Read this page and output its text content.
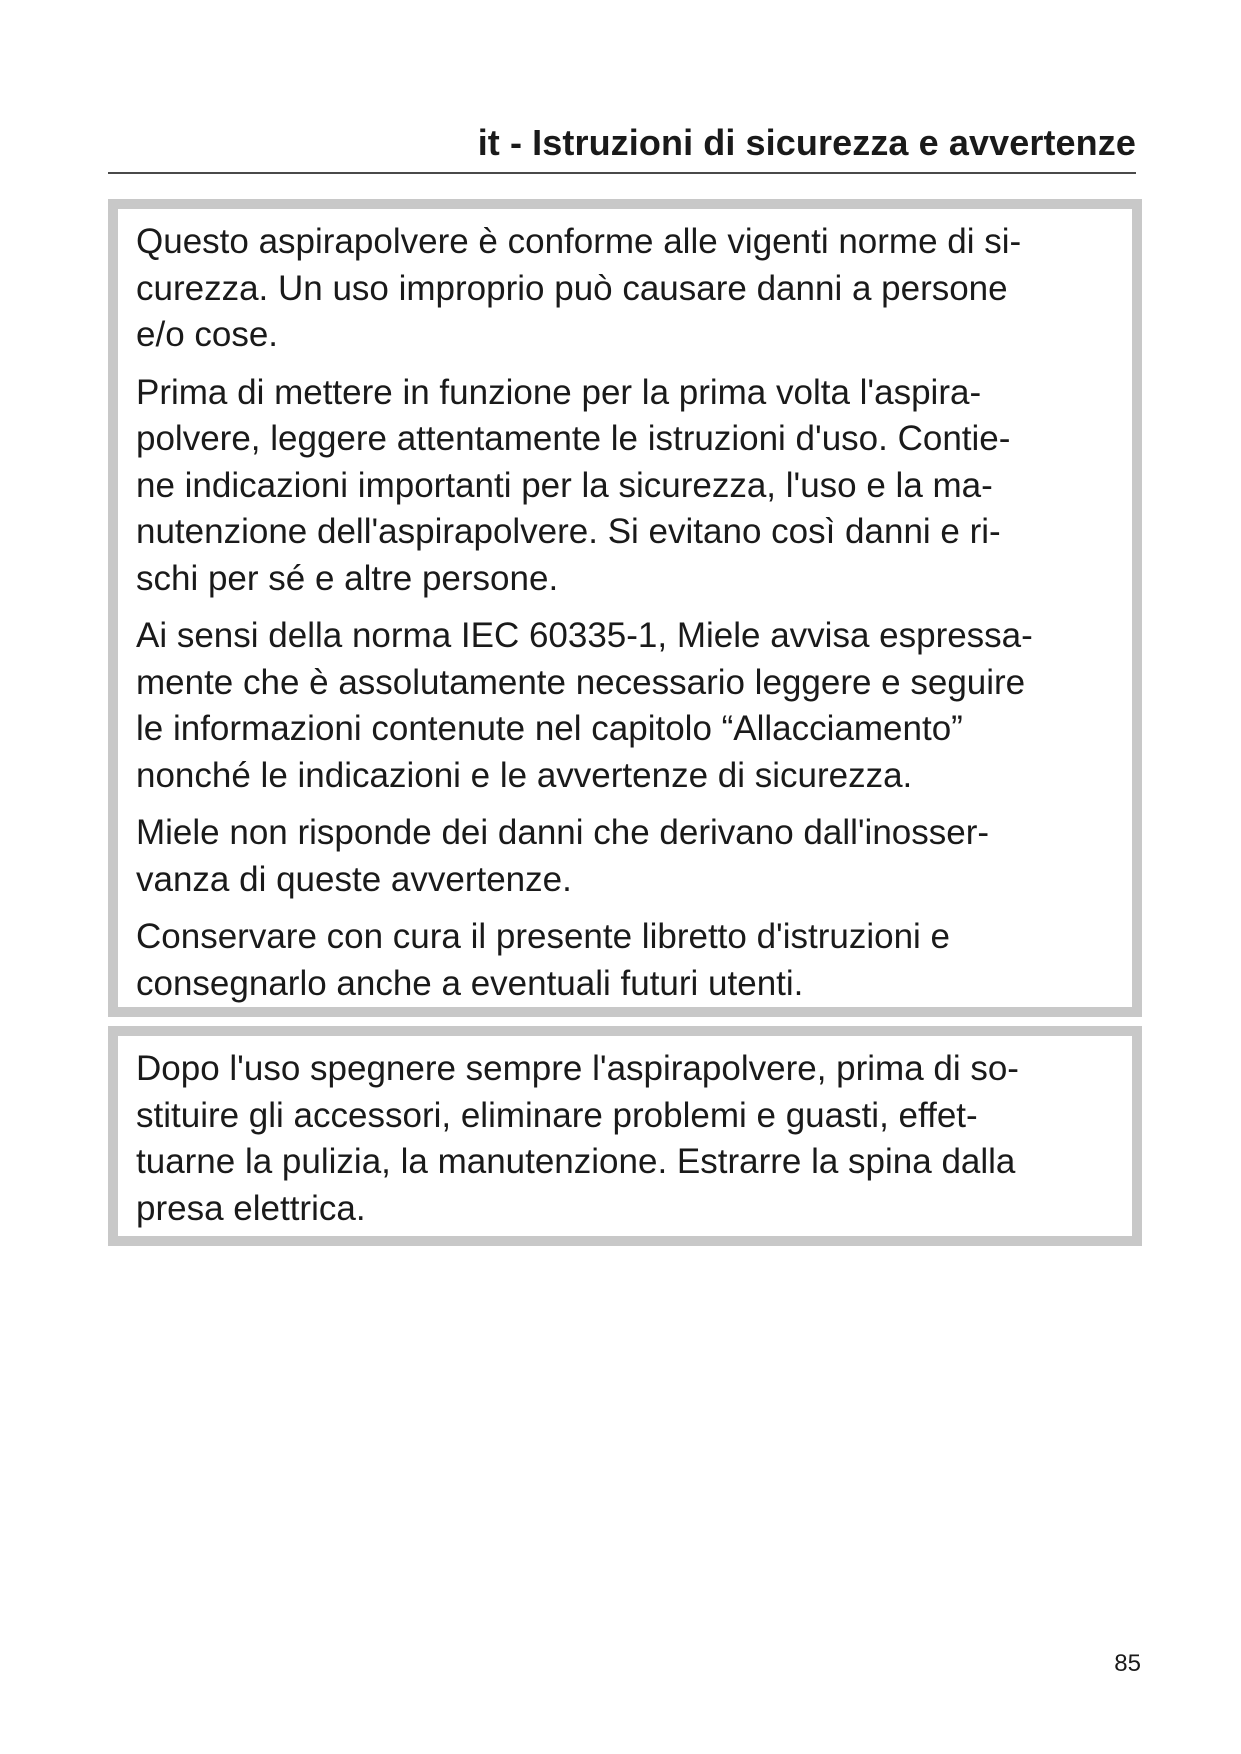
it - Istruzioni di sicurezza e avvertenze

Questo aspirapolvere è conforme alle vigenti norme di si-
curezza. Un uso improprio può causare danni a persone
e/o cose.

Prima di mettere in funzione per la prima volta l'aspira-
polvere, leggere attentamente le istruzioni d'uso. Contie-
ne indicazioni importanti per la sicurezza, l'uso e la ma-
nutenzione dell'aspirapolvere. Si evitano così danni e ri-
schi per sé e altre persone.

Ai sensi della norma IEC 60335-1, Miele avvisa espressa-
mente che è assolutamente necessario leggere e seguire
le informazioni contenute nel capitolo “Allacciamento”
nonché le indicazioni e le avvertenze di sicurezza.

Miele non risponde dei danni che derivano dall'inosser-
vanza di queste avvertenze.

Conservare con cura il presente libretto d'istruzioni e
consegnarlo anche a eventuali futuri utenti.

Dopo l'uso spegnere sempre l'aspirapolvere, prima di so-
stituire gli accessori, eliminare problemi e guasti, effet-
tuarne la pulizia, la manutenzione. Estrarre la spina dalla
presa elettrica.

85
